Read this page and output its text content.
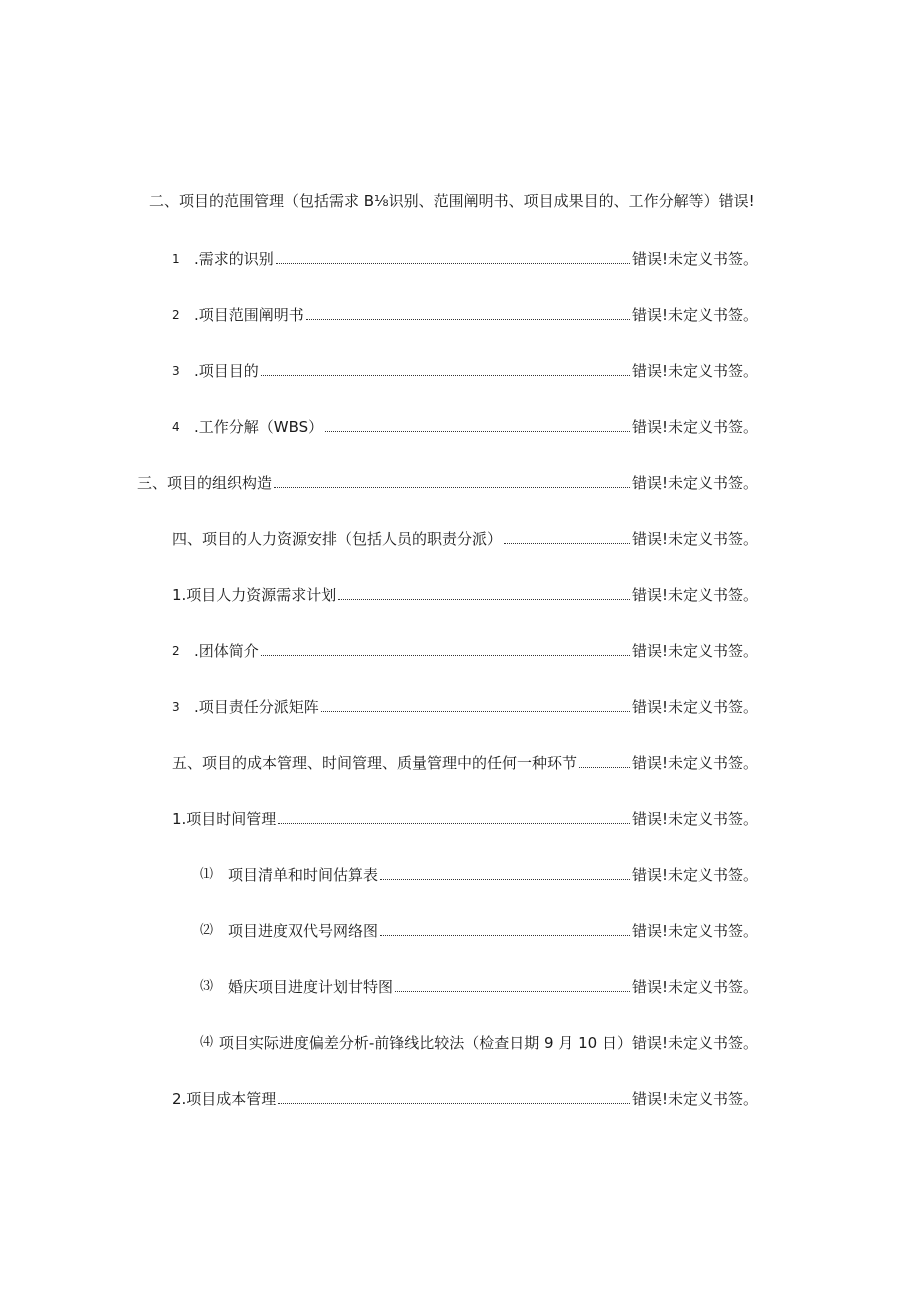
二、项目的范围管理（包括需求 B⅛识别、范围阐明书、项目成果目的、工作分解等）错误!
1 .需求的识别	错误!未定义书签。
2 .项目范围阐明书	错误!未定义书签。
3 .项目目的	错误!未定义书签。
4 .工作分解（WBS）	错误!未定义书签。
三、项目的组织构造	错误!未定义书签。
四、项目的人力资源安排（包括人员的职责分派）	错误!未定义书签。
1.项目人力资源需求计划	错误!未定义书签。
2 .团体简介	错误!未定义书签。
3 .项目责任分派矩阵	错误!未定义书签。
五、项目的成本管理、时间管理、质量管理中的任何一种环节	错误!未定义书签。
1.项目时间管理	错误!未定义书签。
⑴ 项目清单和时间估算表	错误!未定义书签。
⑵ 项目进度双代号网络图	错误!未定义书签。
⑶ 婚庆项目进度计划甘特图	错误!未定义书签。
⑷ 项目实际进度偏差分析-前锋线比较法（检查日期 9 月 10 日）错误!未定义书签。
2.项目成本管理	错误!未定义书签。
